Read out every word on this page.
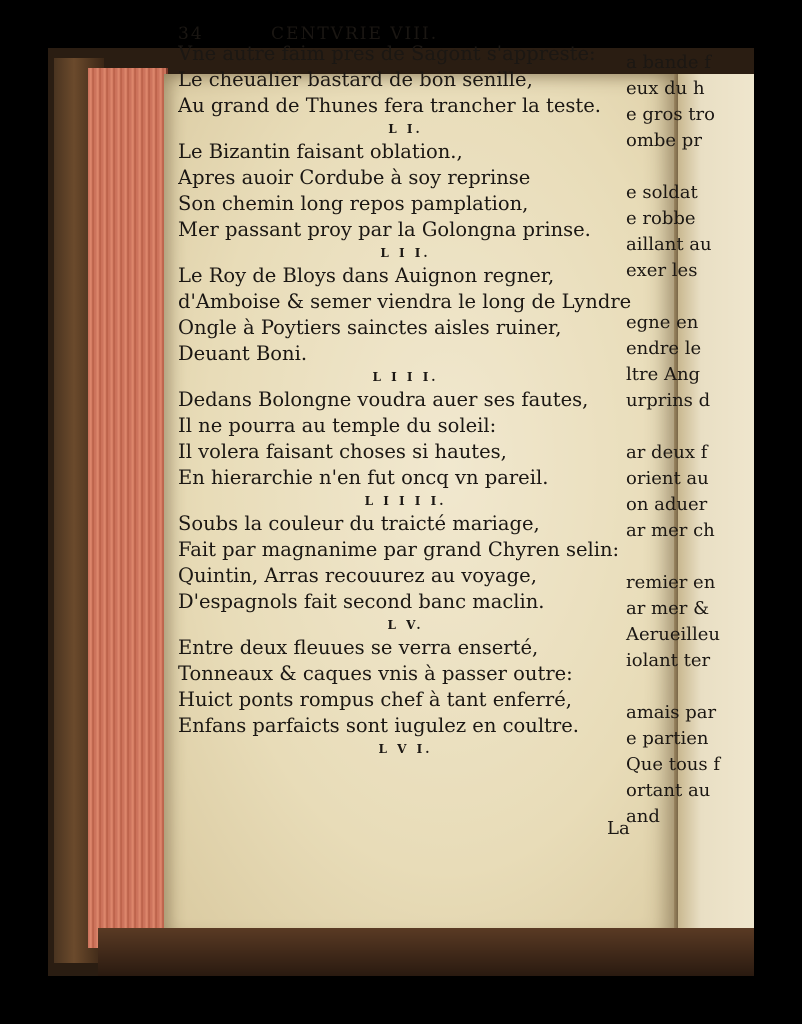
34	CENTVRIE VIII.
Vne autre faim pres de Sagont s'appreste:
Le cheualier bastard de bon senille,
Au grand de Thunes fera trancher la teste.
L I.
Le Bizantin faisant oblation.,
Apres auoir Cordube à soy reprinse
Son chemin long repos pamplation,
Mer passant proy par la Golongna prinse.
L I I.
Le Roy de Bloys dans Auignon regner,
d'Amboise & semer viendra le long de Lyndre
Ongle à Poytiers sainctes aisles ruiner,
Deuant Boni.
L I I I.
Dedans Bolongne voudra auer ses fautes,
Il ne pourra au temple du soleil:
Il volera faisant choses si hautes,
En hierarchie n'en fut oncq vn pareil.
L I I I I.
Soubs la couleur du traicté mariage,
Fait par magnanime par grand Chyren selin:
Quintin, Arras recouurez au voyage,
D'espagnols fait second banc maclin.
L V.
Entre deux fleuues se verra enserté,
Tonneaux & caques vnis à passer outre:
Huict ponts rompus chef à tant enferré,
Enfans parfaicts sont iugulez en coultre.
L V I.
La
a bande f
eux du h
e gros tro
ombe pr
e soldat
e robbe
aillant au
exer les
egne en
endre le
ltre Ang
urprins d
ar deux f
orient au
on aduer
ar mer ch
remier en
ar mer &
Aerueilleu
iolant ter
amais par
e partien
Que tous f
ortant au
and
